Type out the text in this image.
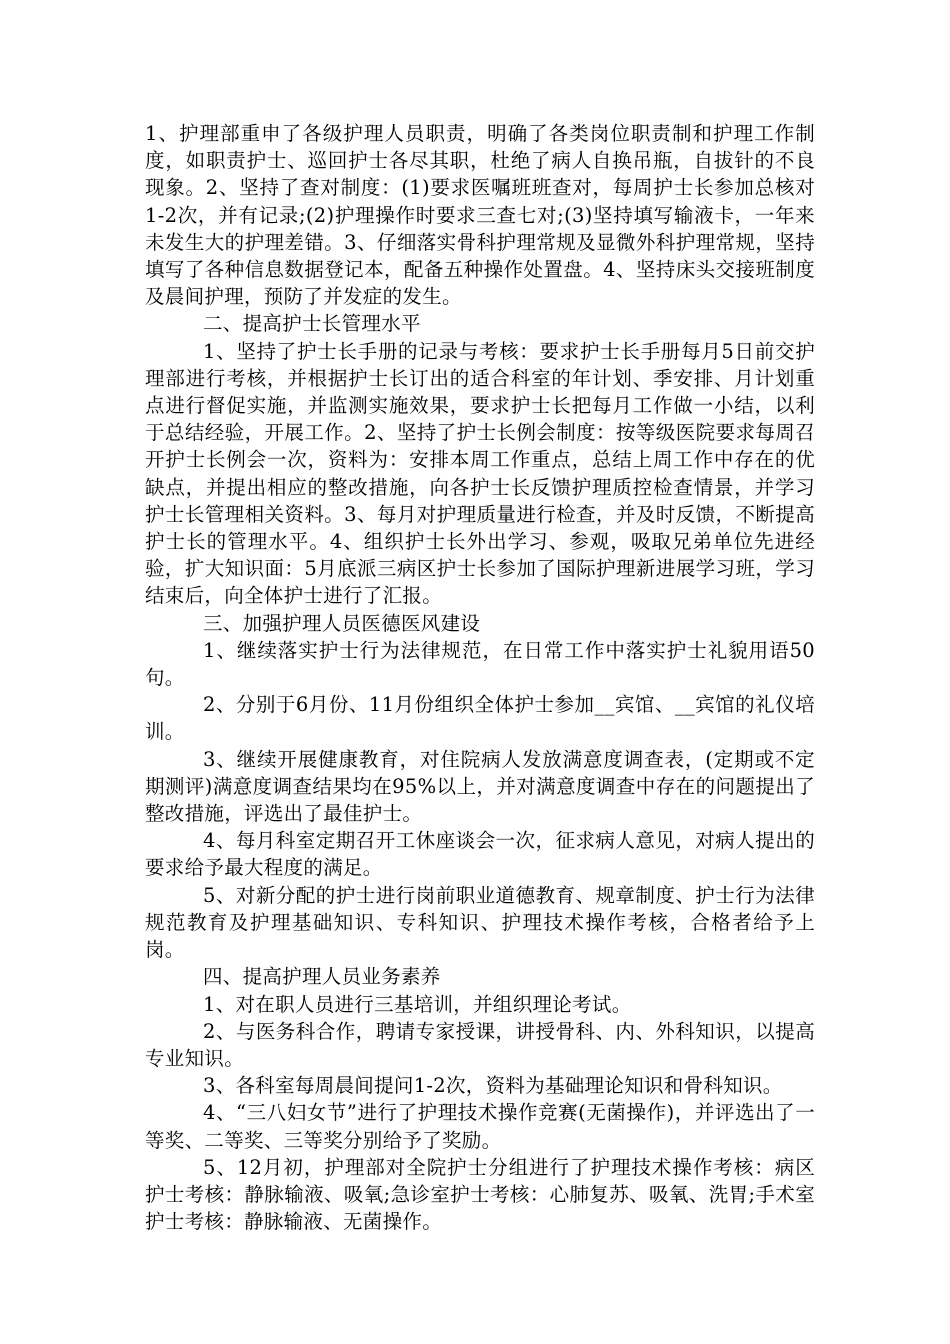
1、护理部重申了各级护理人员职责，明确了各类岗位职责制和护理工作制度，如职责护士、巡回护士各尽其职，杜绝了病人自换吊瓶，自拔针的不良现象。2、坚持了查对制度：(1)要求医嘱班班查对，每周护士长参加总核对1-2次，并有记录;(2)护理操作时要求三查七对;(3)坚持填写输液卡，一年来未发生大的护理差错。3、仔细落实骨科护理常规及显微外科护理常规，坚持填写了各种信息数据登记本，配备五种操作处置盘。4、坚持床头交接班制度及晨间护理，预防了并发症的发生。

二、提高护士长管理水平

1、坚持了护士长手册的记录与考核：要求护士长手册每月5日前交护理部进行考核，并根据护士长订出的适合科室的年计划、季安排、月计划重点进行督促实施，并监测实施效果，要求护士长把每月工作做一小结，以利于总结经验，开展工作。2、坚持了护士长例会制度：按等级医院要求每周召开护士长例会一次，资料为：安排本周工作重点，总结上周工作中存在的优缺点，并提出相应的整改措施，向各护士长反馈护理质控检查情景，并学习护士长管理相关资料。3、每月对护理质量进行检查，并及时反馈，不断提高护士长的管理水平。4、组织护士长外出学习、参观，吸取兄弟单位先进经验，扩大知识面：5月底派三病区护士长参加了国际护理新进展学习班，学习结束后，向全体护士进行了汇报。

三、加强护理人员医德医风建设

1、继续落实护士行为法律规范，在日常工作中落实护士礼貌用语50句。

2、分别于6月份、11月份组织全体护士参加__宾馆、__宾馆的礼仪培训。

3、继续开展健康教育，对住院病人发放满意度调查表，(定期或不定期测评)满意度调查结果均在95%以上，并对满意度调查中存在的问题提出了整改措施，评选出了最佳护士。

4、每月科室定期召开工休座谈会一次，征求病人意见，对病人提出的要求给予最大程度的满足。

5、对新分配的护士进行岗前职业道德教育、规章制度、护士行为法律规范教育及护理基础知识、专科知识、护理技术操作考核，合格者给予上岗。

四、提高护理人员业务素养

1、对在职人员进行三基培训，并组织理论考试。

2、与医务科合作，聘请专家授课，讲授骨科、内、外科知识，以提高专业知识。

3、各科室每周晨间提问1-2次，资料为基础理论知识和骨科知识。

4、“三八妇女节”进行了护理技术操作竞赛(无菌操作)，并评选出了一等奖、二等奖、三等奖分别给予了奖励。

5、12月初，护理部对全院护士分组进行了护理技术操作考核：病区护士考核：静脉输液、吸氧;急诊室护士考核：心肺复苏、吸氧、洗胃;手术室护士考核：静脉输液、无菌操作。
